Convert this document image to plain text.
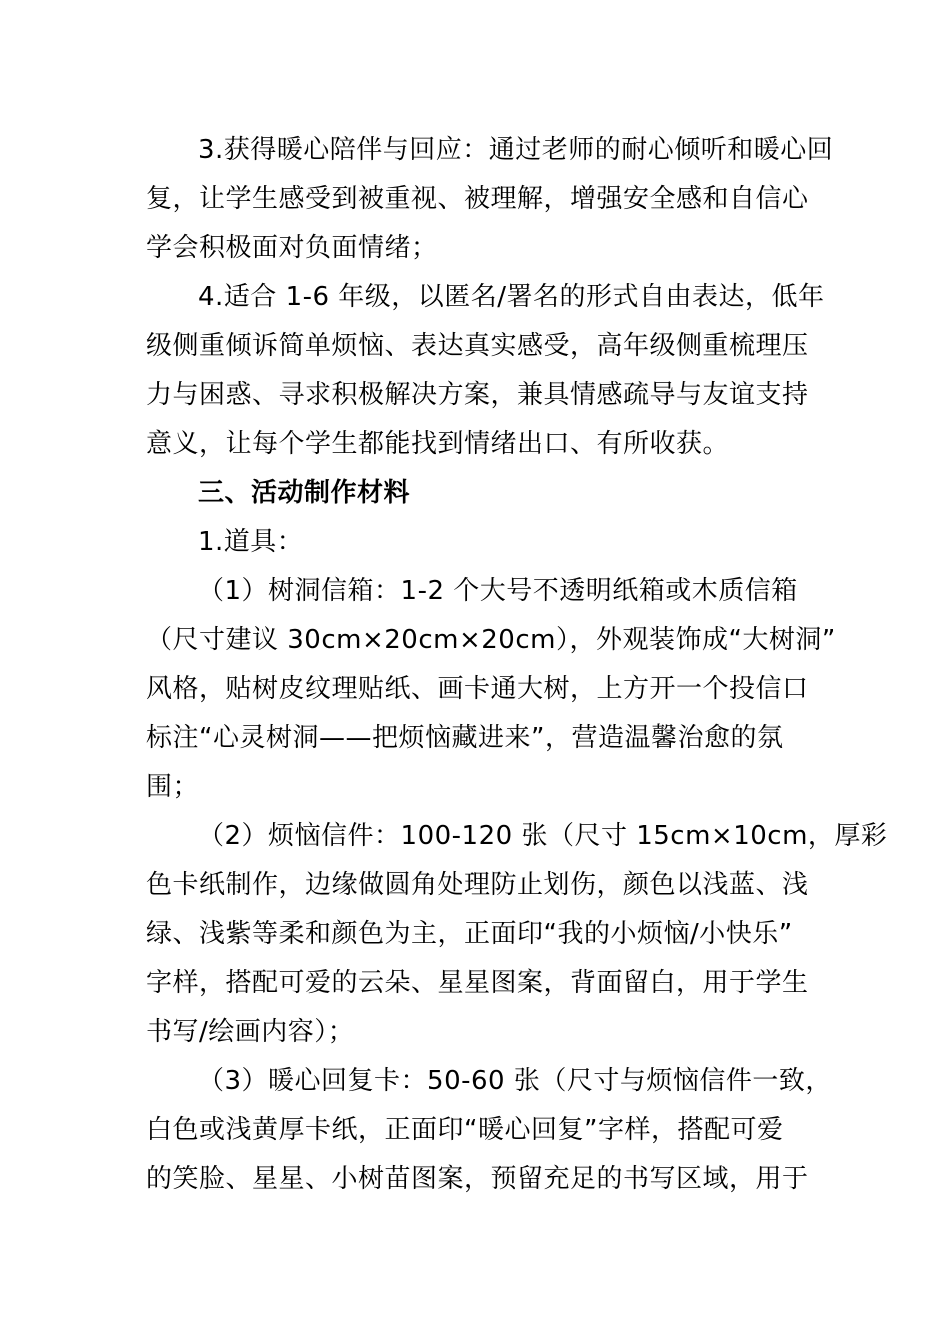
3.获得暖心陪伴与回应：通过老师的耐心倾听和暖心回
复，让学生感受到被重视、被理解，增强安全感和自信心
学会积极面对负面情绪；

4.适合 1-6 年级，以匿名/署名的形式自由表达，低年
级侧重倾诉简单烦恼、表达真实感受，高年级侧重梳理压
力与困惑、寻求积极解决方案，兼具情感疏导与友谊支持
意义，让每个学生都能找到情绪出口、有所收获。

三、活动制作材料

1.道具：

（1）树洞信箱：1-2 个大号不透明纸箱或木质信箱
（尺寸建议 30cm×20cm×20cm），外观装饰成“大树洞”
风格，贴树皮纹理贴纸、画卡通大树，上方开一个投信口
标注“心灵树洞——把烦恼藏进来”，营造温馨治愈的氛
围；

（2）烦恼信件：100-120 张（尺寸 15cm×10cm，厚彩
色卡纸制作，边缘做圆角处理防止划伤，颜色以浅蓝、浅
绿、浅紫等柔和颜色为主，正面印“我的小烦恼/小快乐”
字样，搭配可爱的云朵、星星图案，背面留白，用于学生
书写/绘画内容）；

（3）暖心回复卡：50-60 张（尺寸与烦恼信件一致，
白色或浅黄厚卡纸，正面印“暖心回复”字样，搭配可爱
的笑脸、星星、小树苗图案，预留充足的书写区域，用于
